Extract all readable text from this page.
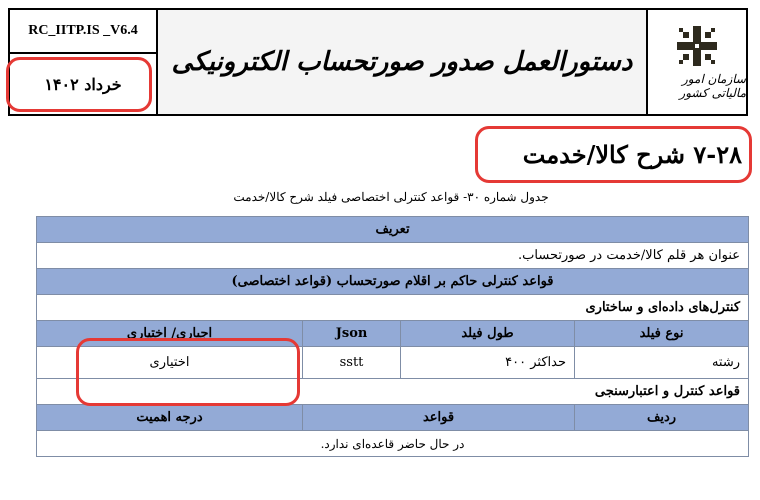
RC_IITP.IS _V6.4
خرداد ۱۴۰۲
دستورالعمل صدور صورتحساب الکترونیکی
سازمان امور مالیاتی کشور
۷-۲۸ شرح کالا/خدمت
جدول شماره ۳۰- قواعد کنترلی اختصاصی فیلد شرح کالا/خدمت
تعریف			
عنوان هر قلم کالا/خدمت در صورتحساب.			
قواعد کنترلی حاکم بر اقلام صورتحساب (قواعد اختصاصی)			
کنترل‌های داده‌ای و ساختاری			
نوع فیلد	طول فیلد	Json	اجباری/ اختیاری
رشته	حداکثر ۴۰۰	sstt	اختیاری
قواعد کنترل و اعتبارسنجی			
ردیف	قواعد		درجه اهمیت
در حال حاضر قاعده‌ای ندارد.			
